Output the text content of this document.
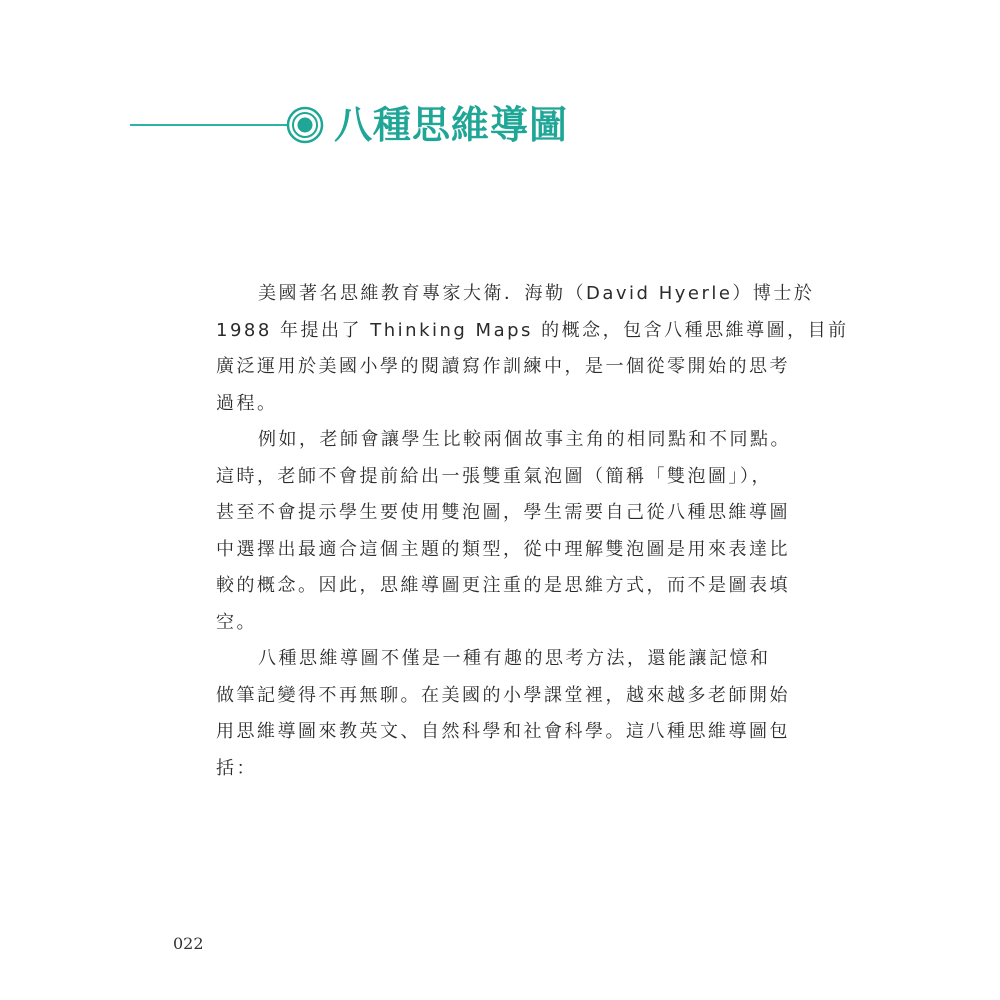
八種思維導圖
美國著名思維教育專家大衛．海勒（David Hyerle）博士於
1988 年提出了 Thinking Maps 的概念，包含八種思維導圖，目前
廣泛運用於美國小學的閱讀寫作訓練中，是一個從零開始的思考
過程。
例如，老師會讓學生比較兩個故事主角的相同點和不同點。
這時，老師不會提前給出一張雙重氣泡圖（簡稱「雙泡圖」），
甚至不會提示學生要使用雙泡圖，學生需要自己從八種思維導圖
中選擇出最適合這個主題的類型，從中理解雙泡圖是用來表達比
較的概念。因此，思維導圖更注重的是思維方式，而不是圖表填
空。
八種思維導圖不僅是一種有趣的思考方法，還能讓記憶和
做筆記變得不再無聊。在美國的小學課堂裡，越來越多老師開始
用思維導圖來教英文、自然科學和社會科學。這八種思維導圖包
括：
022
